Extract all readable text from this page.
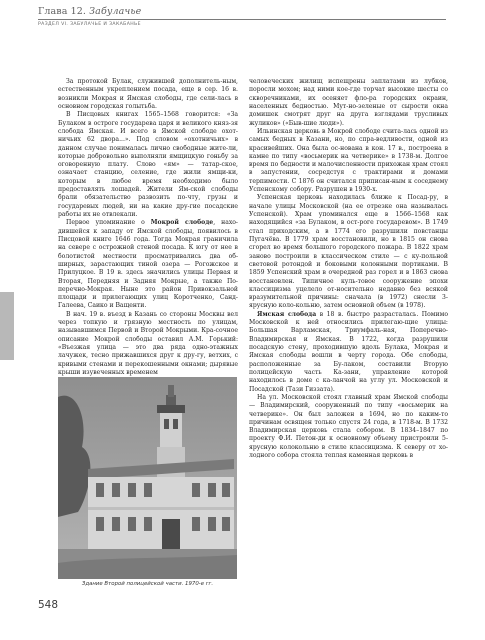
Глава 12. Забулачье
РАЗДЕЛ VI. ЗАБУЛАЧЬЕ И ЗАКАБАНЬЕ

За протокой Булак, служившей дополнитель-ным, естественным укреплением посада, еще в сер. 16 в. возникли Мокрая и Ямская слободы, где сели-лась в основном городская голытьба.

В Писцовых книгах 1565–1568 говорится: «За Булаком в остроге государева царя и великого княз-зя слобода Ямская. И всего в Ямской слободе охот-ничьих 62 двора...». Под словом «охотничьих» в данном случае понималась лично свободные жите-ли, которые добровольно выполняли ямщицкую гоньбу за оговоренную плату. Слово «ям» — татар-ское, означает станцию, селение, где жили ямщи-ки, которым в любое время необходимо было предоставлять лошадей. Жители Ям-ской слободы брали обязательство развозить по-чту, грузы и государевых людей, ни на какие дру-гие посадские работы их не отвлекали.

Первое упоминание о Мокрой слободе, нахо-дившейся к западу от Ямской слободы, появилось в Писцовой книге 1646 года. Тогда Мокрая граничила на севере с острожной стеной посада. К югу от нее в болотистой местности просматривались два об-ширных, зарастающих тиной озера — Рогожское и Прилуцкое. В 19 в. здесь значились улицы Первая и Вторая, Передняя и Задняя Мокрые, а также По-перечно-Мокрая. Ныне это район Привокзальной площади и прилегающих улиц Коротченко, Санд-Галеева, Саико и Ващенти.

В нач. 19 в. въезд в Казань со стороны Москвы вел через топкую и грязную местность по улицам, называвшимся Первой и Второй Мокрыми. Кра-сочное описание Мокрой слободы оставил А.М. Горький: «Въезжая улица — это два ряда одно-этажных лачужек, тесно прижавшихся друг к дру-гу, ветхих, с кривыми стенами и перекошенными окнами; дырявые крыши изувеченных временем

Здание Второй полицейской части. 1970-е гг.

человеческих жилищ испещрены заплатами из лубков, поросли мохом; над ними кое-где торчат высокие шесты со скворечниками, их осеняет фло-ра городских окраин, населенных бедностью. Мут-но-зеленые от сырости окна домишек смотрят друг на друга взглядами трусливых жуликов» («Быв-шие люди»).

Ильинская церковь в Мокрой слободе счита-лась одной из самых бедных в Казани, но, по спра-ведливости, одной из красивейших. Она была ос-нована в кон. 17 в., построена в камне по типу «восьмерик на четверике» в 1738-м. Долгое время по бедности и малочисленности прихожан храм стоял в запустении, сосредстуя с трактирами и домами терпимости. С 1876 он считался приписан-ным к соседнему Успенскому собору. Разрушен в 1930-х.

Успенская церковь находилась ближе к Посад-ру, в начале улицы Московской (на ее отрезке она называлась Успенской). Храм упоминался еще в 1566–1568 как находящийся «за Булаком, в ост-роге государевом». В 1749 стал приходским, а в 1774 его разрушили повстанцы Пугачёва. В 1779 храм восстановили, но в 1815 он снова сгорел во время большого городского пожара. В 1822 храм заново построили в классическом стиле — с ку-польной световой ротондой и боковыми колонными портиками. В 1859 Успенский храм в очередной раз горел и в 1863 снова восстановлен. Типичное куль-товое сооружение эпохи классицизма уцелело от-носительно недавно без всякой вразумительной причины: сначала (в 1972) снесли 3-ярусную коло-кольню, затем основной объем (в 1978).

Ямская слобода в 18 в. быстро разрасталась. Помимо Московской к ней относились прилегаю-щие улицы: Большая Варламская, Триумфаль-ная, Поперечно-Владимирская и Ямская. В 1722, когда разрушили посадскую стену, проходившую вдоль Булака, Мокрая и Ямская слободы вошли в черту города. Обе слободы, расположенные за Бу-лаком, составили Вторую полицейскую часть Ка-зани, управление которой находилось в доме с ка-ланчой на углу ул. Московской и Посадской (Тази Гиззата).

На ул. Московской стоял главный храм Ямской слободы — Владимирский, сооруженный по типу «восьмерик на четверике». Он был заложен в 1694, но по каким-то причинам освящен только спустя 24 года, в 1718-м. В 1732 Владимирская церковь стала собором. В 1834–1847 по проекту Ф.И. Петон-ди к основному объему пристроили 5-ярусную колокольню в стиле классицизма. К северу от хо-лодного собора стояла теплая каменная церковь в

548
